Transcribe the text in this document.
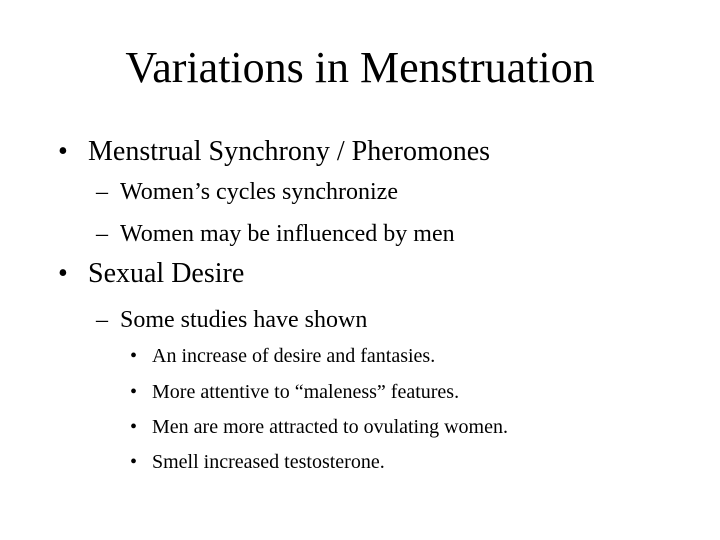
Variations in Menstruation
• Menstrual Synchrony / Pheromones
– Women’s cycles synchronize
– Women may be influenced by men
• Sexual Desire
– Some studies have shown
• An increase of desire and fantasies.
• More attentive to “maleness” features.
• Men are more attracted to ovulating women.
• Smell increased testosterone.
